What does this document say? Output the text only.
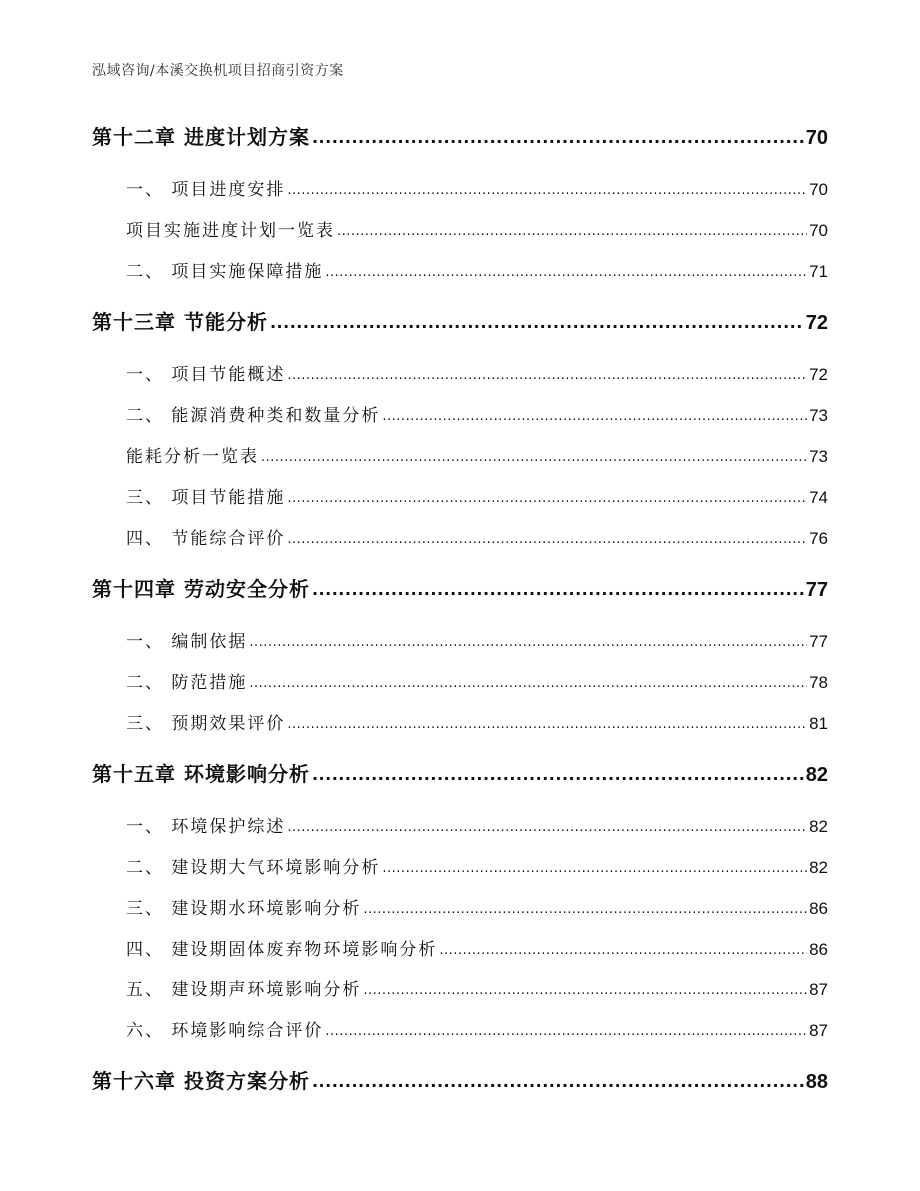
泓域咨询/本溪交换机项目招商引资方案
第十二章 进度计划方案 .....	70
一、 项目进度安排 .....	70
项目实施进度计划一览表 .....	70
二、 项目实施保障措施 .....	71
第十三章 节能分析 .....	72
一、 项目节能概述 .....	72
二、 能源消费种类和数量分析 .....	73
能耗分析一览表 .....	73
三、 项目节能措施 .....	74
四、 节能综合评价 .....	76
第十四章 劳动安全分析 .....	77
一、 编制依据 .....	77
二、 防范措施 .....	78
三、 预期效果评价 .....	81
第十五章 环境影响分析 .....	82
一、 环境保护综述 .....	82
二、 建设期大气环境影响分析 .....	82
三、 建设期水环境影响分析 .....	86
四、 建设期固体废弃物环境影响分析 .....	86
五、 建设期声环境影响分析 .....	87
六、 环境影响综合评价 .....	87
第十六章 投资方案分析 .....	88
